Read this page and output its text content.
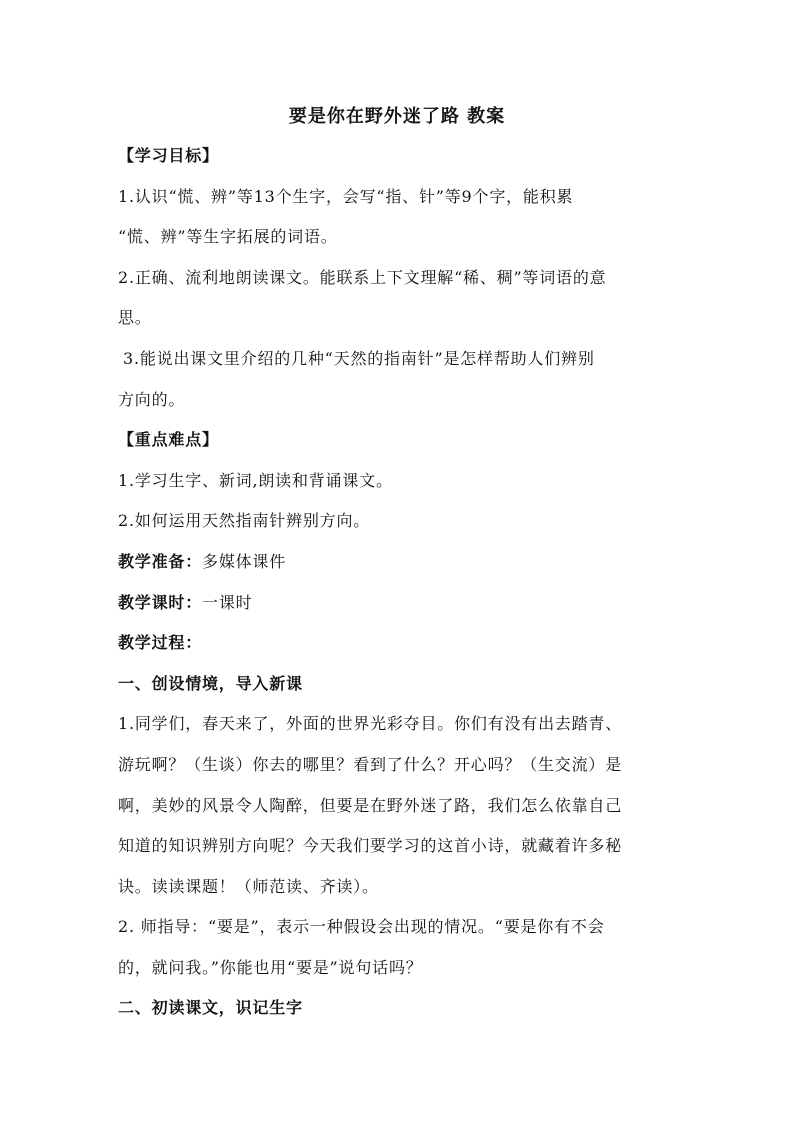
要是你在野外迷了路 教案
【学习目标】
1.认识“慌、辨”等13个生字，会写“指、针”等9个字，能积累
“慌、辨”等生字拓展的词语。
2.正确、流利地朗读课文。能联系上下文理解“稀、稠”等词语的意
思。
3.能说出课文里介绍的几种“天然的指南针”是怎样帮助人们辨别
方向的。
【重点难点】
1.学习生字、新词,朗读和背诵课文。
2.如何运用天然指南针辨别方向。
教学准备：多媒体课件
教学课时：一课时
教学过程：
一、创设情境，导入新课
1.同学们，春天来了，外面的世界光彩夺目。你们有没有出去踏青、
游玩啊？（生谈）你去的哪里？看到了什么？开心吗？（生交流）是
啊，美妙的风景令人陶醉，但要是在野外迷了路，我们怎么依靠自己
知道的知识辨别方向呢？今天我们要学习的这首小诗，就藏着许多秘
诀。读读课题！（师范读、齐读）。
2. 师指导：“要是”，表示一种假设会出现的情况。“要是你有不会
的，就问我。”你能也用“要是”说句话吗？
二、初读课文，识记生字
